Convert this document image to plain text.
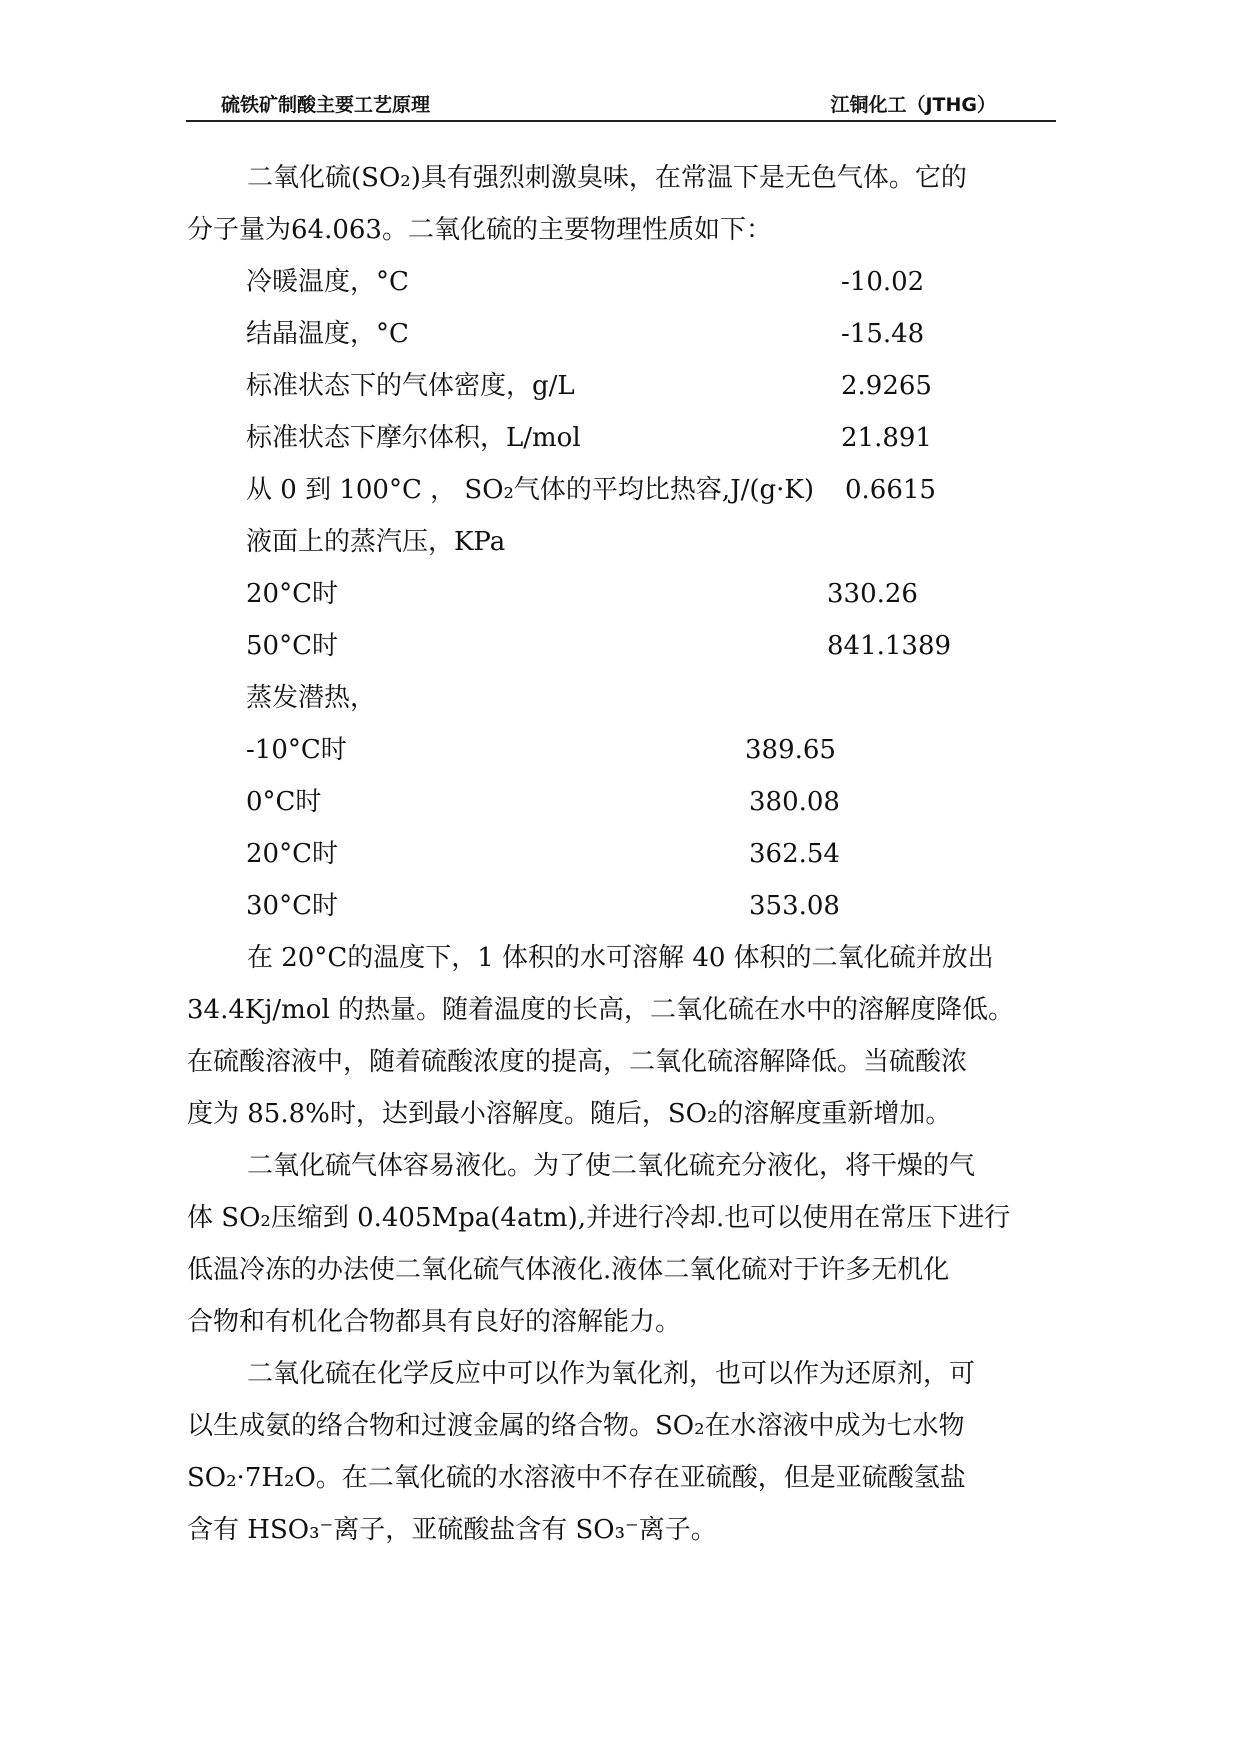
硫铁矿制酸主要工艺原理	江铜化工（JTHG）

二氧化硫(SO₂)具有强烈刺激臭味，在常温下是无色气体。它的
分子量为64.063。二氧化硫的主要物理性质如下：

冷暖温度，°C	-10.02
结晶温度，°C	-15.48
标准状态下的气体密度，g/L	2.9265
标准状态下摩尔体积，L/mol	21.891
从 0 到 100°C ， SO₂气体的平均比热容,J/(g·K) 0.6615
液面上的蒸汽压，KPa
20°C时	330.26
50°C时	841.1389
蒸发潜热，
-10°C时	389.65
0°C时	380.08
20°C时	362.54
30°C时	353.08

在 20°C的温度下，1 体积的水可溶解 40 体积的二氧化硫并放出
34.4Kj/mol 的热量。随着温度的长高，二氧化硫在水中的溶解度降低。
在硫酸溶液中，随着硫酸浓度的提高，二氧化硫溶解降低。当硫酸浓
度为 85.8%时，达到最小溶解度。随后，SO₂的溶解度重新增加。

二氧化硫气体容易液化。为了使二氧化硫充分液化，将干燥的气
体 SO₂压缩到 0.405Mpa(4atm),并进行冷却.也可以使用在常压下进行
低温冷冻的办法使二氧化硫气体液化.液体二氧化硫对于许多无机化
合物和有机化合物都具有良好的溶解能力。

二氧化硫在化学反应中可以作为氧化剂，也可以作为还原剂，可
以生成氨的络合物和过渡金属的络合物。SO₂在水溶液中成为七水物
SO₂·7H₂O。在二氧化硫的水溶液中不存在亚硫酸，但是亚硫酸氢盐
含有 HSO₃⁻离子，亚硫酸盐含有 SO₃⁻离子。
